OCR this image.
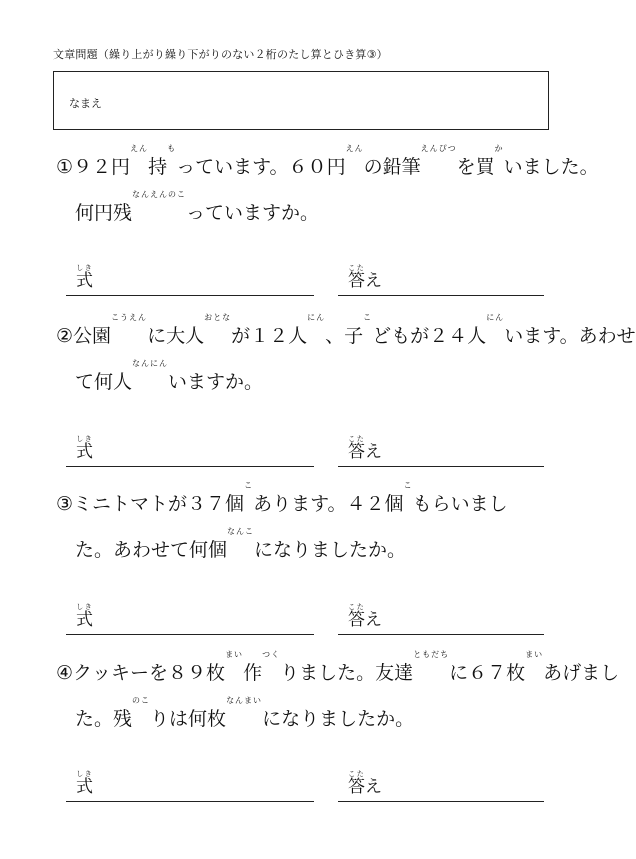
文章問題（繰り上がり繰り下がりのない２桁のたし算とひき算③）
なまえ
①９２円えん持もっています。６０円えんの鉛筆えんぴつを買かいました。
　何円残なんえんのこっていますか。
式しき
答こたえ
②公園こうえんに大人おとなが１２人にん、子こどもが２４人にんいます。あわせ
　て何人なんにんいますか。
式しき
答こたえ
③ミニトマトが３７個こあります。４２個こもらいまし
　た。あわせて何個なんこになりましたか。
式しき
答こたえ
④クッキーを８９枚まい作つくりました。友達ともだちに６７枚まいあげまし
　た。残のこりは何枚なんまいになりましたか。
式しき
答こたえ
